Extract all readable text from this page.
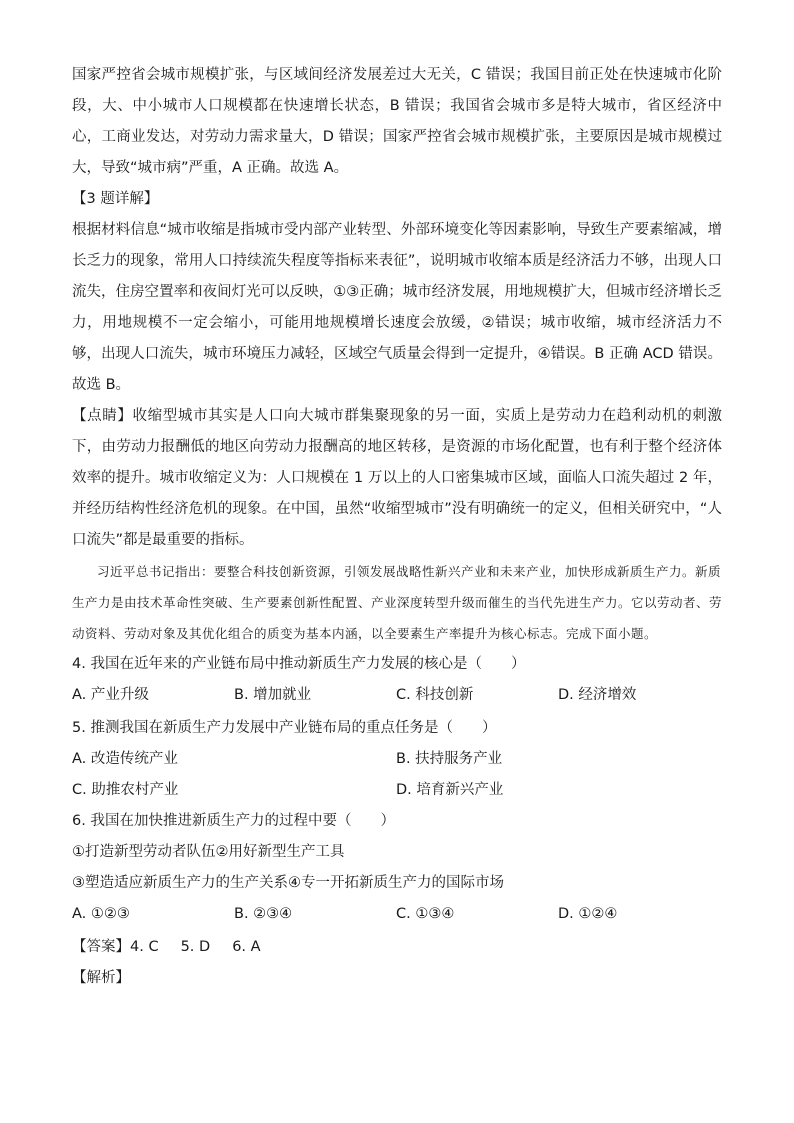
国家严控省会城市规模扩张，与区域间经济发展差过大无关，C 错误；我国目前正处在快速城市化阶段，大、中小城市人口规模都在快速增长状态，B 错误；我国省会城市多是特大城市，省区经济中心，工商业发达，对劳动力需求量大，D 错误；国家严控省会城市规模扩张，主要原因是城市规模过大，导致“城市病”严重，A 正确。故选 A。

【3 题详解】

根据材料信息“城市收缩是指城市受内部产业转型、外部环境变化等因素影响，导致生产要素缩减，增长乏力的现象，常用人口持续流失程度等指标来表征”，说明城市收缩本质是经济活力不够，出现人口流失，住房空置率和夜间灯光可以反映，①③正确；城市经济发展，用地规模扩大，但城市经济增长乏力，用地规模不一定会缩小，可能用地规模增长速度会放缓，②错误；城市收缩，城市经济活力不够，出现人口流失，城市环境压力减轻，区域空气质量会得到一定提升，④错误。B 正确 ACD 错误。故选 B。

【点睛】收缩型城市其实是人口向大城市群集聚现象的另一面，实质上是劳动力在趋利动机的刺激下，由劳动力报酬低的地区向劳动力报酬高的地区转移，是资源的市场化配置，也有利于整个经济体效率的提升。城市收缩定义为：人口规模在 1 万以上的人口密集城市区域，面临人口流失超过 2 年，并经历结构性经济危机的现象。在中国，虽然“收缩型城市”没有明确统一的定义，但相关研究中，“人口流失”都是最重要的指标。

习近平总书记指出：要整合科技创新资源，引领发展战略性新兴产业和未来产业，加快形成新质生产力。新质生产力是由技术革命性突破、生产要素创新性配置、产业深度转型升级而催生的当代先进生产力。它以劳动者、劳动资料、劳动对象及其优化组合的质变为基本内涵，以全要素生产率提升为核心标志。完成下面小题。

4. 我国在近年来的产业链布局中推动新质生产力发展的核心是（　　）

A. 产业升级	B. 增加就业	C. 科技创新	D. 经济增效

5. 推测我国在新质生产力发展中产业链布局的重点任务是（　　）

A. 改造传统产业	B. 扶持服务产业
C. 助推农村产业	D. 培育新兴产业

6. 我国在加快推进新质生产力的过程中要（　　）

①打造新型劳动者队伍②用好新型生产工具

③塑造适应新质生产力的生产关系④专一开拓新质生产力的国际市场

A. ①②③	B. ②③④	C. ①③④	D. ①②④

【答案】4. C 5. D 6. A

【解析】
